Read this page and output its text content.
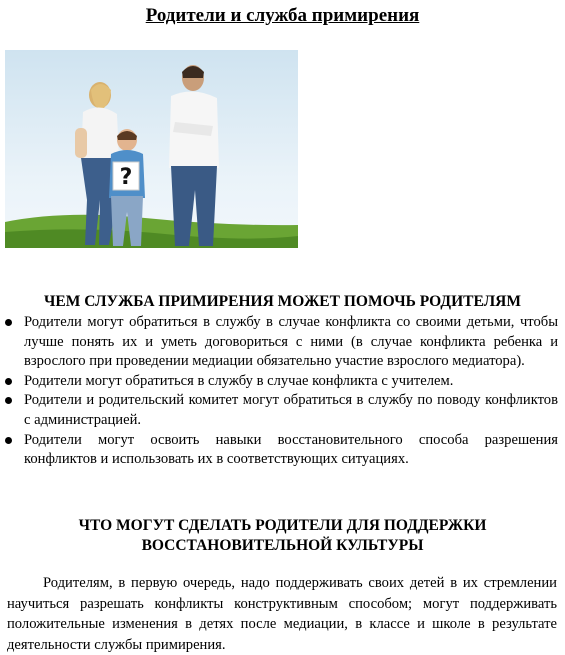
Родители и служба примирения
?
ЧЕМ СЛУЖБА ПРИМИРЕНИЯ МОЖЕТ ПОМОЧЬ РОДИТЕЛЯМ
Родители могут обратиться в службу в случае конфликта со своими детьми, чтобы лучше понять их и уметь договориться с ними (в случае конфликта ребенка и взрослого при проведении медиации обязательно участие взрослого медиатора).
Родители могут обратиться в службу в случае конфликта с учителем.
Родители и родительский комитет могут обратиться в службу по поводу конфликтов с администрацией.
Родители могут освоить навыки восстановительного способа разрешения конфликтов и использовать их в соответствующих ситуациях.
ЧТО МОГУТ СДЕЛАТЬ РОДИТЕЛИ ДЛЯ ПОДДЕРЖКИ
ВОССТАНОВИТЕЛЬНОЙ КУЛЬТУРЫ

Родителям, в первую очередь, надо поддерживать своих детей в их стремлении научиться разрешать конфликты конструктивным способом; могут поддерживать положительные изменения в детях после медиации, в классе и школе в результате деятельности службы примирения.
